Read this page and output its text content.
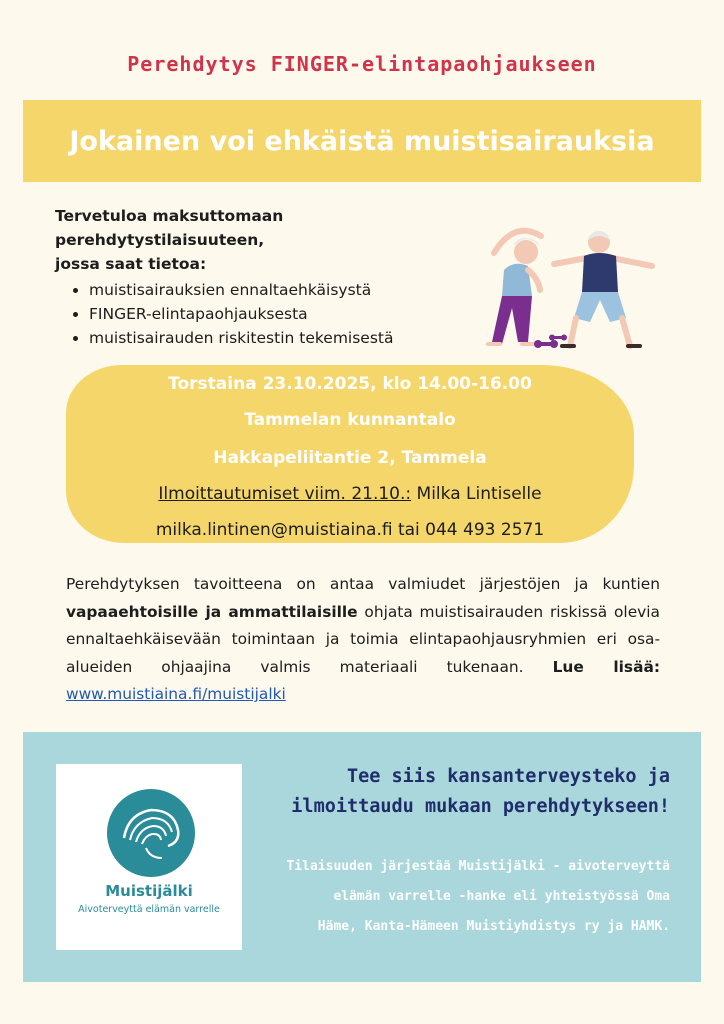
Perehdytys FINGER-elintapaohjaukseen
Jokainen voi ehkäistä muistisairauksia
Tervetuloa maksuttomaan perehdytystilaisuuteen,
jossa saat tietoa:
• muistisairauksien ennaltaehkäisystä
• FINGER-elintapaohjauksesta
• muistisairauden riskitestin tekemisestä
Torstaina 23.10.2025, klo 14.00-16.00
Tammelan kunnantalo
Hakkapeliitantie 2, Tammela
Ilmoittautumiset viim. 21.10.: Milka Lintiselle
milka.lintinen@muistiaina.fi tai 044 493 2571
Perehdytyksen tavoitteena on antaa valmiudet järjestöjen ja kuntien vapaaehtoisille ja ammattilaisille ohjata muistisairauden riskissä olevia ennaltaehkäisevään toimintaan ja toimia elintapaohjausryhmien eri osa-alueiden ohjaajina valmis materiaali tukenaan. Lue lisää: www.muistiaina.fi/muistijalki
Muistijälki
Aivoterveyttä elämän varrelle
Tee siis kansanterveysteko ja
ilmoittaudu mukaan perehdytykseen!
Tilaisuuden järjestää Muistijälki - aivoterveyttä
elämän varrelle -hanke eli yhteistyössä Oma
Häme, Kanta-Hämeen Muistiyhdistys ry ja HAMK.
